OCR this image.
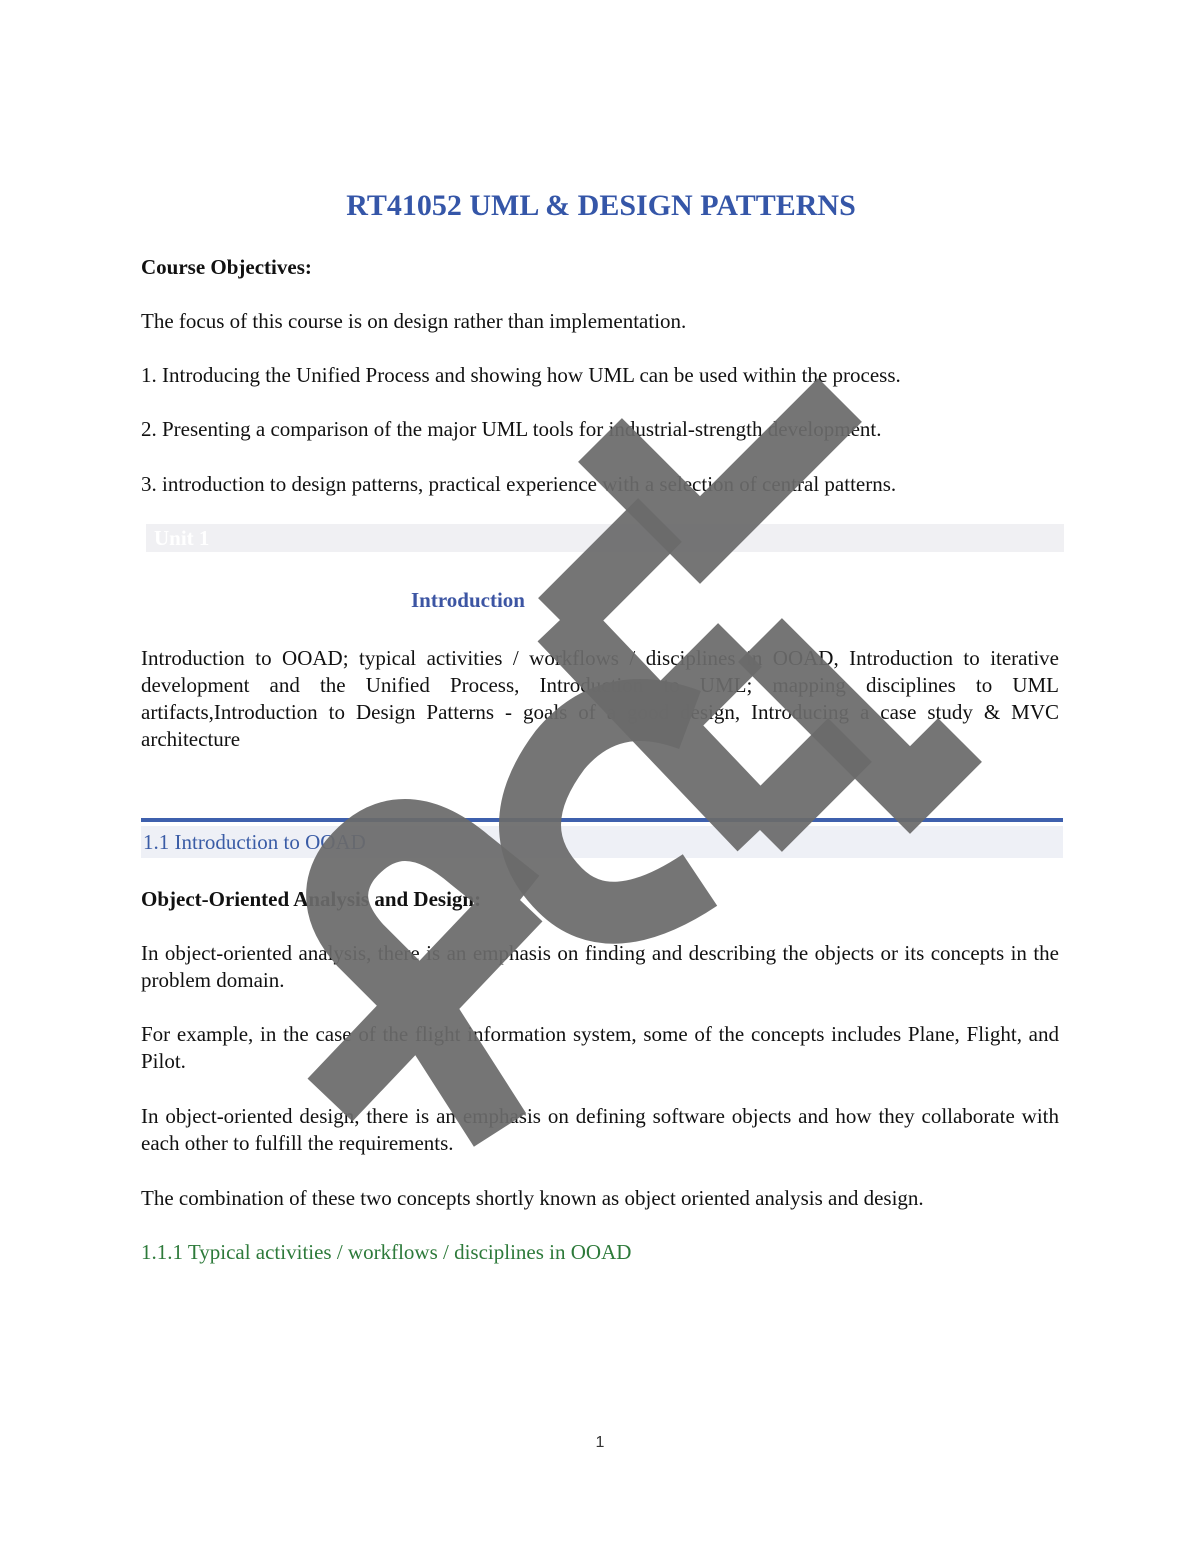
RT41052 UML & DESIGN PATTERNS

Course Objectives:

The focus of this course is on design rather than implementation.

1. Introducing the Unified Process and showing how UML can be used within the process.

2. Presenting a comparison of the major UML tools for industrial-strength development.

3. introduction to design patterns, practical experience with a selection of central patterns.

Unit 1

Introduction

Introduction to OOAD; typical activities / workflows / disciplines in OOAD, Introduction to iterative development and the Unified Process, Introduction to UML; mapping disciplines to UML artifacts,Introduction to Design Patterns - goals of a good design, Introducing a case study & MVC architecture

1.1 Introduction to OOAD

Object-Oriented Analysis and Design:

In object-oriented analysis, there is an emphasis on finding and describing the objects or its concepts in the problem domain.

For example, in the case of the flight information system, some of the concepts includes Plane, Flight, and Pilot.

In object-oriented design, there is an emphasis on defining software objects and how they collaborate with each other to fulfill the requirements.

The combination of these two concepts shortly known as object oriented analysis and design.

1.1.1 Typical activities / workflows / disciplines in OOAD

1
